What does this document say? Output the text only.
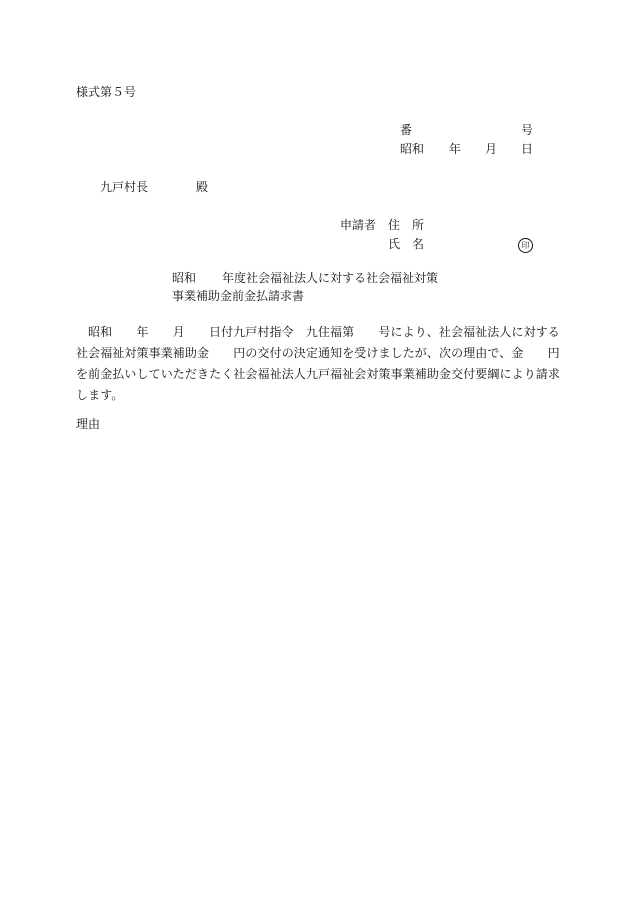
様式第５号
番	号
昭和 年 月 日
九戸村長	殿
申請者 住　所
氏　名	印
昭和 年度社会福祉法人に対する社会福祉対策
事業補助金前金払請求書
昭和　　年　　月　　日付九戸村指令　九住福第　　号により、社会福祉法人に対する
社会福祉対策事業補助金　　円の交付の決定通知を受けましたが、次の理由で、金　　円
を前金払いしていただきたく社会福祉法人九戸福祉会対策事業補助金交付要綱により請求
します。
理由
